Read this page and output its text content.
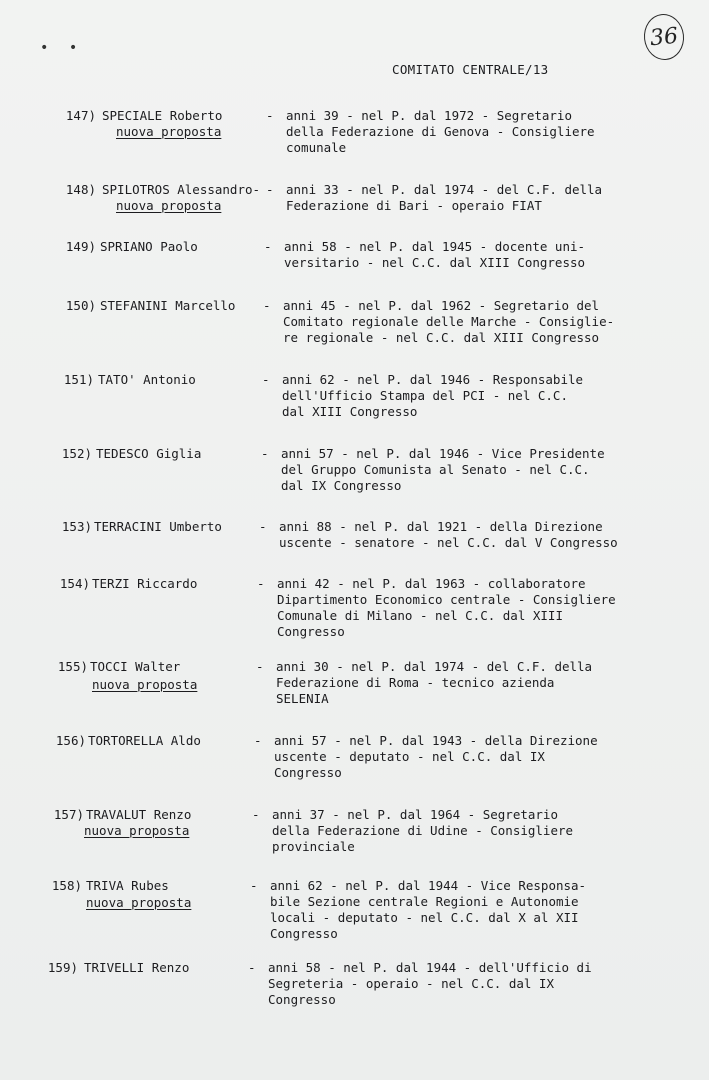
• •	36
COMITATO CENTRALE/13
147) SPECIALE Roberto
nuova proposta
- anni 39 - nel P. dal 1972 - Segretario
della Federazione di Genova - Consigliere
comunale
148) SPILOTROS Alessandro-
nuova proposta
- anni 33 - nel P. dal 1974 - del C.F. della
Federazione di Bari - operaio FIAT
149) SPRIANO Paolo	- anni 58 - nel P. dal 1945 - docente uni-
versitario - nel C.C. dal XIII Congresso
150) STEFANINI Marcello	- anni 45 - nel P. dal 1962 - Segretario del
Comitato regionale delle Marche - Consiglie-
re regionale - nel C.C. dal XIII Congresso
151) TATO' Antonio	- anni 62 - nel P. dal 1946 - Responsabile
dell'Ufficio Stampa del PCI - nel C.C.
dal XIII Congresso
152) TEDESCO Giglia	- anni 57 - nel P. dal 1946 - Vice Presidente
del Gruppo Comunista al Senato - nel C.C.
dal IX Congresso
153) TERRACINI Umberto	- anni 88 - nel P. dal 1921 - della Direzione
uscente - senatore - nel C.C. dal V Congresso
154) TERZI Riccardo	- anni 42 - nel P. dal 1963 - collaboratore
Dipartimento Economico centrale - Consigliere
Comunale di Milano - nel C.C. dal XIII
Congresso
155) TOCCI Walter
nuova proposta
- anni 30 - nel P. dal 1974 - del C.F. della
Federazione di Roma - tecnico azienda
SELENIA
156) TORTORELLA Aldo	- anni 57 - nel P. dal 1943 - della Direzione
uscente - deputato - nel C.C. dal IX
Congresso
157) TRAVALUT Renzo
nuova proposta
- anni 37 - nel P. dal 1964 - Segretario
della Federazione di Udine - Consigliere
provinciale
158) TRIVA Rubes
nuova proposta
- anni 62 - nel P. dal 1944 - Vice Responsa-
bile Sezione centrale Regioni e Autonomie
locali - deputato - nel C.C. dal X al XII
Congresso
159) TRIVELLI Renzo	- anni 58 - nel P. dal 1944 - dell'Ufficio di
Segreteria - operaio - nel C.C. dal IX
Congresso
